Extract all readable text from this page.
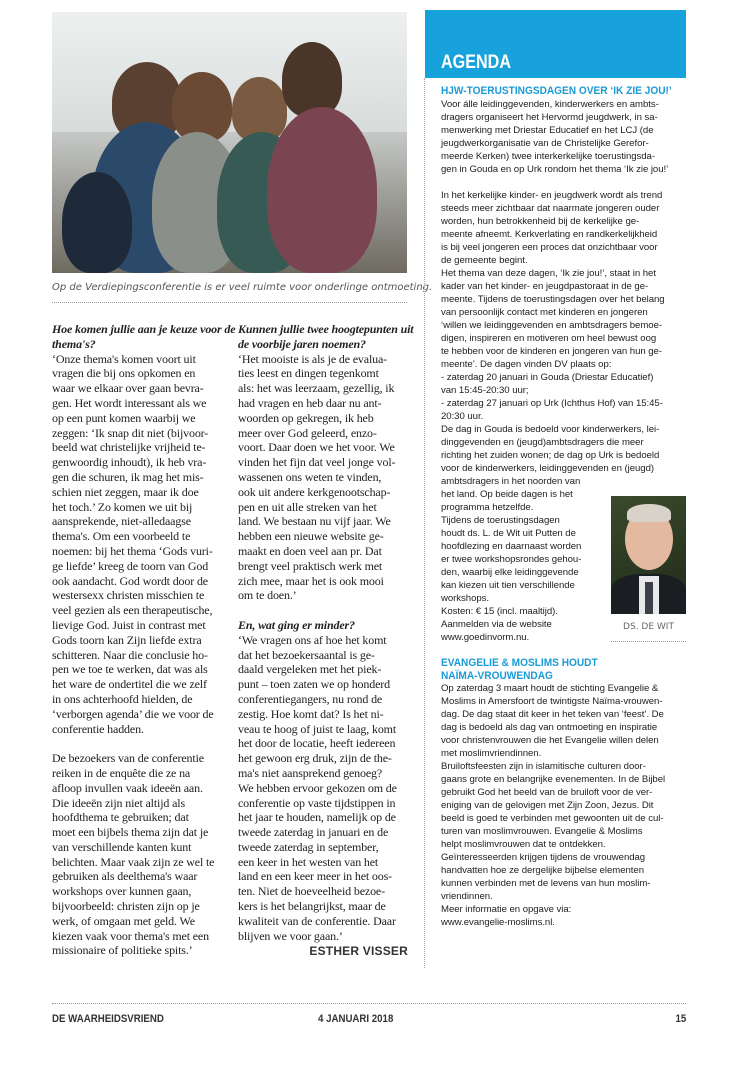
Op de Verdiepingsconferentie is er veel ruimte voor onderlinge ontmoeting.
Hoe komen jullie aan je keuze voor de
thema's?
‘Onze thema's komen voort uit
vragen die bij ons opkomen en
waar we elkaar over gaan bevra-
gen. Het wordt interessant als we
op een punt komen waarbij we
zeggen: ‘Ik snap dit niet (bijvoor-
beeld wat christelijke vrijheid te-
genwoordig inhoudt), ik heb vra-
gen die schuren, ik mag het mis-
schien niet zeggen, maar ik doe
het toch.’ Zo komen we uit bij
aansprekende, niet-alledaagse
thema's. Om een voorbeeld te
noemen: bij het thema ‘Gods vuri-
ge liefde’ kreeg de toorn van God
ook aandacht. God wordt door de
westersexx christen misschien te
veel gezien als een therapeutische,
lievige God. Juist in contrast met
Gods toorn kan Zijn liefde extra
schitteren. Naar die conclusie ho-
pen we toe te werken, dat was als
het ware de ondertitel die we zelf
in ons achterhoofd hielden, de
‘verborgen agenda’ die we voor de
conferentie hadden.
De bezoekers van de conferentie
reiken in de enquête die ze na
afloop invullen vaak ideeën aan.
Die ideeën zijn niet altijd als
hoofdthema te gebruiken; dat
moet een bijbels thema zijn dat je
van verschillende kanten kunt
belichten. Maar vaak zijn ze wel te
gebruiken als deelthema's waar
workshops over kunnen gaan,
bijvoorbeeld: christen zijn op je
werk, of omgaan met geld. We
kiezen vaak voor thema's met een
missionaire of politieke spits.’
Kunnen jullie twee hoogtepunten uit
de voorbije jaren noemen?
‘Het mooiste is als je de evalua-
ties leest en dingen tegenkomt
als: het was leerzaam, gezellig, ik
had vragen en heb daar nu ant-
woorden op gekregen, ik heb
meer over God geleerd, enzo-
voort. Daar doen we het voor. We
vinden het fijn dat veel jonge vol-
wassenen ons weten te vinden,
ook uit andere kerkgenootschap-
pen en uit alle streken van het
land. We bestaan nu vijf jaar. We
hebben een nieuwe website ge-
maakt en doen veel aan pr. Dat
brengt veel praktisch werk met
zich mee, maar het is ook mooi
om te doen.’
En, wat ging er minder?
‘We vragen ons af hoe het komt
dat het bezoekersaantal is ge-
daald vergeleken met het piek-
punt – toen zaten we op honderd
conferentiegangers, nu rond de
zestig. Hoe komt dat? Is het ni-
veau te hoog of juist te laag, komt
het door de locatie, heeft iedereen
het gewoon erg druk, zijn de the-
ma's niet aansprekend genoeg?
We hebben ervoor gekozen om de
conferentie op vaste tijdstippen in
het jaar te houden, namelijk op de
tweede zaterdag in januari en de
tweede zaterdag in september,
een keer in het westen van het
land en een keer meer in het oos-
ten. Niet de hoeveelheid bezoe-
kers is het belangrijkst, maar de
kwaliteit van de conferentie. Daar
blijven we voor gaan.’
ESTHER VISSER
AGENDA
HJW-TOERUSTINGSDAGEN OVER ‘IK ZIE JOU!’
Voor álle leidinggevenden, kinderwerkers en ambts-
dragers organiseert het Hervormd jeugdwerk, in sa-
menwerking met Driestar Educatief en het LCJ (de
jeugdwerkorganisatie van de Christelijke Gerefor-
meerde Kerken) twee interkerkelijke toerustingsda-
gen in Gouda en op Urk rondom het thema ‘Ik zie jou!’
In het kerkelijke kinder- en jeugdwerk wordt als trend
steeds meer zichtbaar dat naarmate jongeren ouder
worden, hun betrokkenheid bij de kerkelijke ge-
meente afneemt. Kerkverlating en randkerkelijkheid
is bij veel jongeren een proces dat onzichtbaar voor
de gemeente begint.
Het thema van deze dagen, ‘Ik zie jou!’, staat in het
kader van het kinder- en jeugdpastoraat in de ge-
meente. Tijdens de toerustingsdagen over het belang
van persoonlijk contact met kinderen en jongeren
‘willen we leidinggevenden en ambtsdragers bemoe-
digen, inspireren en motiveren om heel bewust oog
te hebben voor de kinderen en jongeren van hun ge-
meente’. De dagen vinden DV plaats op:
- zaterdag 20 januari in Gouda (Driestar Educatief)
van 15:45-20:30 uur;
- zaterdag 27 januari op Urk (Ichthus Hof) van 15:45-
20:30 uur.
De dag in Gouda is bedoeld voor kinderwerkers, lei-
dinggevenden en (jeugd)ambtsdragers die meer
richting het zuiden wonen; de dag op Urk is bedoeld
voor de kinderwerkers, leidinggevenden en (jeugd)
ambtsdragers in het noorden van
het land. Op beide dagen is het
programma hetzelfde.
Tijdens de toerustingsdagen
houdt ds. L. de Wit uit Putten de
hoofdlezing en daarnaast worden
er twee workshopsrondes gehou-
den, waarbij elke leidinggevende
kan kiezen uit tien verschillende
workshops.
Kosten: € 15 (incl. maaltijd).
Aanmelden via de website
www.goedinvorm.nu.
DS. DE WIT
EVANGELIE & MOSLIMS HOUDT
NAÏMA-VROUWENDAG
Op zaterdag 3 maart houdt de stichting Evangelie &
Moslims in Amersfoort de twintigste Naïma-vrouwen-
dag. De dag staat dit keer in het teken van ‘feest’. De
dag is bedoeld als dag van ontmoeting en inspiratie
voor christenvrouwen die het Evangelie willen delen
met moslimvriendinnen.
Bruiloftsfeesten zijn in islamitische culturen door-
gaans grote en belangrijke evenementen. In de Bijbel
gebruikt God het beeld van de bruiloft voor de ver-
eniging van de gelovigen met Zijn Zoon, Jezus. Dit
beeld is goed te verbinden met gewoonten uit de cul-
turen van moslimvrouwen. Evangelie & Moslims
helpt moslimvrouwen dat te ontdekken.
Geïnteresseerden krijgen tijdens de vrouwendag
handvatten hoe ze dergelijke bijbelse elementen
kunnen verbinden met de levens van hun moslim-
vriendinnen.
Meer informatie en opgave via:
www.evangelie-moslims.nl.
DE WAARHEIDSVRIEND	4 JANUARI 2018	15
